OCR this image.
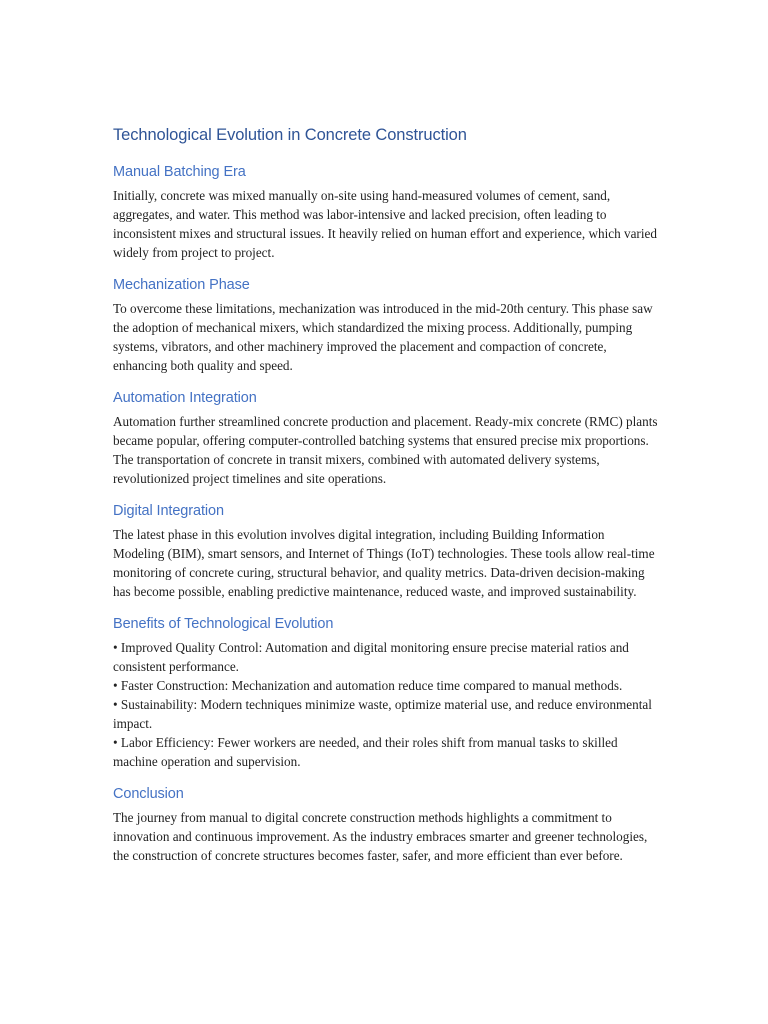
Technological Evolution in Concrete Construction
Manual Batching Era

Initially, concrete was mixed manually on-site using hand-measured volumes of cement, sand, aggregates, and water. This method was labor-intensive and lacked precision, often leading to inconsistent mixes and structural issues. It heavily relied on human effort and experience, which varied widely from project to project.

Mechanization Phase

To overcome these limitations, mechanization was introduced in the mid-20th century. This phase saw the adoption of mechanical mixers, which standardized the mixing process. Additionally, pumping systems, vibrators, and other machinery improved the placement and compaction of concrete, enhancing both quality and speed.

Automation Integration

Automation further streamlined concrete production and placement. Ready-mix concrete (RMC) plants became popular, offering computer-controlled batching systems that ensured precise mix proportions. The transportation of concrete in transit mixers, combined with automated delivery systems, revolutionized project timelines and site operations.

Digital Integration

The latest phase in this evolution involves digital integration, including Building Information Modeling (BIM), smart sensors, and Internet of Things (IoT) technologies. These tools allow real-time monitoring of concrete curing, structural behavior, and quality metrics. Data-driven decision-making has become possible, enabling predictive maintenance, reduced waste, and improved sustainability.

Benefits of Technological Evolution
• Improved Quality Control: Automation and digital monitoring ensure precise material ratios and consistent performance.
• Faster Construction: Mechanization and automation reduce time compared to manual methods.
• Sustainability: Modern techniques minimize waste, optimize material use, and reduce environmental impact.
• Labor Efficiency: Fewer workers are needed, and their roles shift from manual tasks to skilled machine operation and supervision.
Conclusion

The journey from manual to digital concrete construction methods highlights a commitment to innovation and continuous improvement. As the industry embraces smarter and greener technologies, the construction of concrete structures becomes faster, safer, and more efficient than ever before.
